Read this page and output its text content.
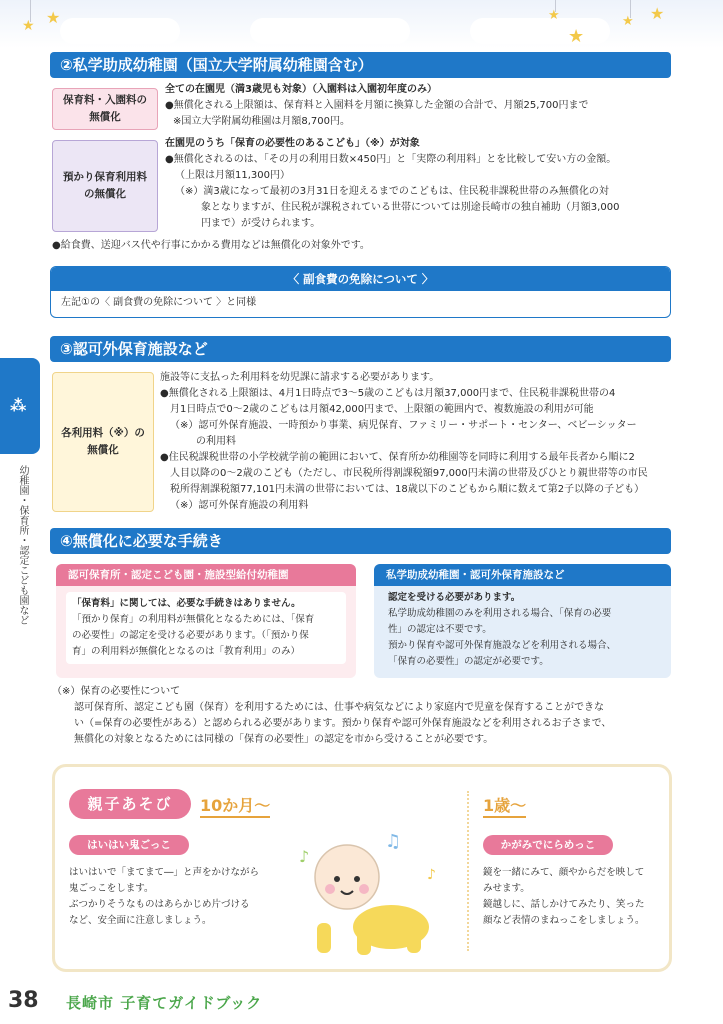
★ ★	★
★
★ ★
②私学助成幼稚園（国立大学附属幼稚園含む）
保育料・入園料の
無償化
全ての在園児（満3歳児も対象）（入園料は入園初年度のみ）
●無償化される上限額は、保育料と入園料を月額に換算した金額の合計で、月額25,700円まで
※国立大学附属幼稚園は月額8,700円。
預かり保育利用料
の無償化
在園児のうち「保育の必要性のあるこども」（※）が対象
●無償化されるのは、「その月の利用日数×450円」と「実際の利用料」とを比較して安い方の金額。
（上限は月額11,300円）
（※）満3歳になって最初の3月31日を迎えるまでのこどもは、住民税非課税世帯のみ無償化の対
象となりますが、住民税が課税されている世帯については別途長崎市の独自補助（月額3,000
円まで）が受けられます。
●給食費、送迎バス代や行事にかかる費用などは無償化の対象外です。
〈 副食費の免除について 〉
左記①の〈 副食費の免除について 〉と同様
③認可外保育施設など
各利用料（※）の
無償化
施設等に支払った利用料を幼児課に請求する必要があります。
●無償化される上限額は、4月1日時点で3～5歳のこどもは月額37,000円まで、住民税非課税世帯の4
月1日時点で0～2歳のこどもは月額42,000円まで、上限額の範囲内で、複数施設の利用が可能
（※）認可外保育施設、一時預かり事業、病児保育、ファミリー・サポート・センター、ベビーシッター
の利用料
●住民税課税世帯の小学校就学前の範囲において、保育所か幼稚園等を同時に利用する最年長者から順に2
人目以降の0～2歳のこども（ただし、市民税所得割課税額97,000円未満の世帯及びひとり親世帯等の市民
税所得割課税額77,101円未満の世帯においては、18歳以下のこどもから順に数えて第2子以降の子ども）
（※）認可外保育施設の利用料
⁂
幼稚園・保育所・認定こども園など	④無償化に必要な手続き
認可保育所・認定こども園・施設型給付幼稚園
「保育料」に関しては、必要な手続きはありません。
「預かり保育」の利用料が無償化となるためには、「保育
の必要性」の認定を受ける必要があります。（「預かり保
育」の利用料が無償化となるのは「教育利用」のみ）
私学助成幼稚園・認可外保育施設など
認定を受ける必要があります。
私学助成幼稚園のみを利用される場合、「保育の必要
性」の認定は不要です。
預かり保育や認可外保育施設などを利用される場合、
「保育の必要性」の認定が必要です。
（※）保育の必要性について
認可保育所、認定こども園（保育）を利用するためには、仕事や病気などにより家庭内で児童を保育することができな
い（=保育の必要性がある）と認められる必要があります。預かり保育や認可外保育施設などを利用されるお子さまで、
無償化の対象となるためには同様の「保育の必要性」の認定を市から受けることが必要です。
親子あそび	10か月～
はいはい鬼ごっこ
はいはいで「まてまて―」と声をかけながら
鬼ごっこをします。
ぶつかりそうなものはあらかじめ片づける
など、安全面に注意しましょう。
♪
♫
♪
1歳～
かがみでにらめっこ
鏡を一緒にみて、顔やからだを映して
みせます。
鏡越しに、話しかけてみたり、笑った
顔など表情のまねっこをしましょう。
38 長崎市 子育てガイドブック
